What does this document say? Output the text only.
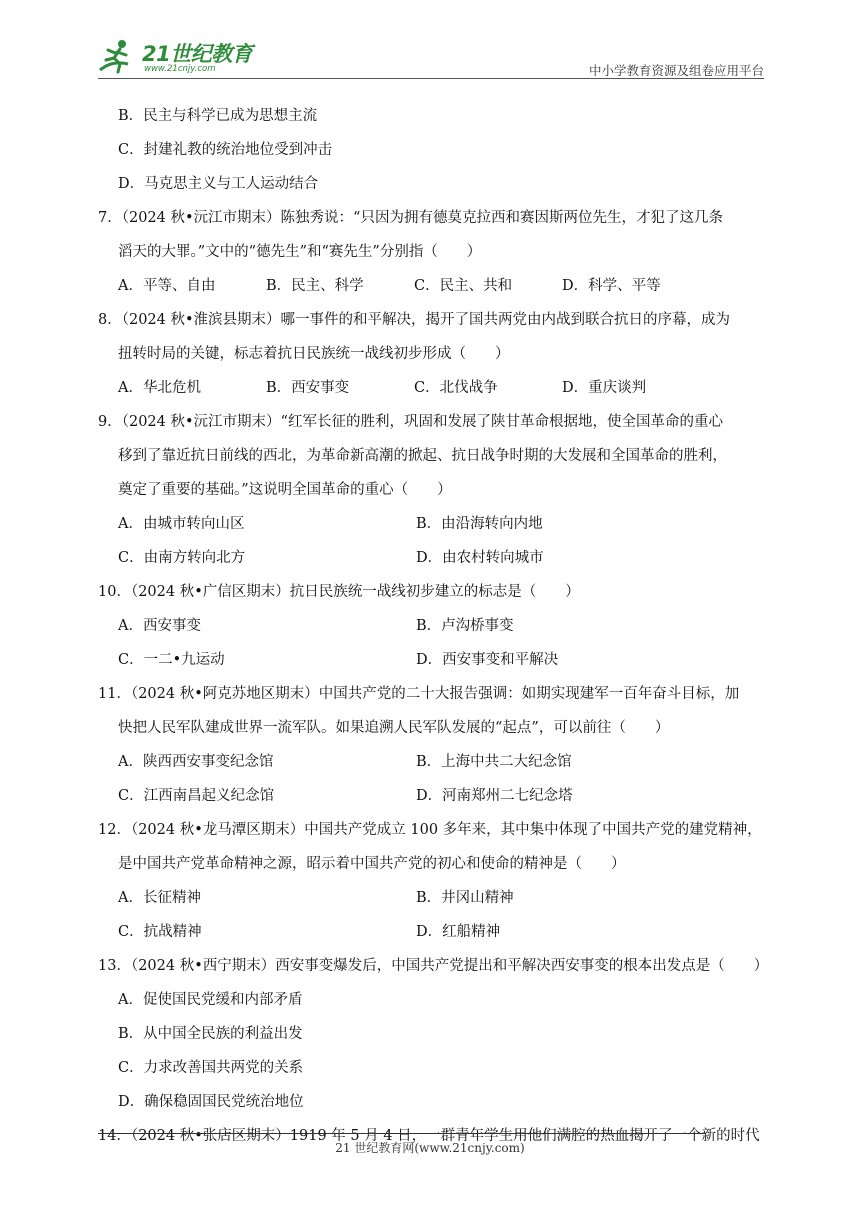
21世纪教育
www.21cnjy.com	中小学教育资源及组卷应用平台
B．民主与科学已成为思想主流
C．封建礼教的统治地位受到冲击
D．马克思主义与工人运动结合
7．（2024 秋•沅江市期末）陈独秀说：“只因为拥有德莫克拉西和赛因斯两位先生，才犯了这几条
滔天的大罪。”文中的“德先生”和“赛先生”分别指（　　）
A．平等、自由	B．民主、科学	C．民主、共和	D．科学、平等
8．（2024 秋•淮滨县期末）哪一事件的和平解决，揭开了国共两党由内战到联合抗日的序幕，成为
扭转时局的关键，标志着抗日民族统一战线初步形成（　　）
A．华北危机	B．西安事变	C．北伐战争	D．重庆谈判
9．（2024 秋•沅江市期末）“红军长征的胜利，巩固和发展了陕甘革命根据地，使全国革命的重心
移到了靠近抗日前线的西北，为革命新高潮的掀起、抗日战争时期的大发展和全国革命的胜利，
奠定了重要的基础。”这说明全国革命的重心（　　）
A．由城市转向山区	B．由沿海转向内地
C．由南方转向北方	D．由农村转向城市
10．（2024 秋•广信区期末）抗日民族统一战线初步建立的标志是（　　）
A．西安事变	B．卢沟桥事变
C．一二•九运动	D．西安事变和平解决
11．（2024 秋•阿克苏地区期末）中国共产党的二十大报告强调：如期实现建军一百年奋斗目标，加
快把人民军队建成世界一流军队。如果追溯人民军队发展的“起点”，可以前往（　　）
A．陕西西安事变纪念馆	B．上海中共二大纪念馆
C．江西南昌起义纪念馆	D．河南郑州二七纪念塔
12．（2024 秋•龙马潭区期末）中国共产党成立 100 多年来，其中集中体现了中国共产党的建党精神，
是中国共产党革命精神之源，昭示着中国共产党的初心和使命的精神是（　　）
A．长征精神	B．井冈山精神
C．抗战精神	D．红船精神
13．（2024 秋•西宁期末）西安事变爆发后，中国共产党提出和平解决西安事变的根本出发点是（　　）
A．促使国民党缓和内部矛盾
B．从中国全民族的利益出发
C．力求改善国共两党的关系
D．确保稳固国民党统治地位
14．（2024 秋•张店区期末）1919 年 5 月 4 日，一群青年学生用他们满腔的热血揭开了一个新的时代
21 世纪教育网(www.21cnjy.com)
